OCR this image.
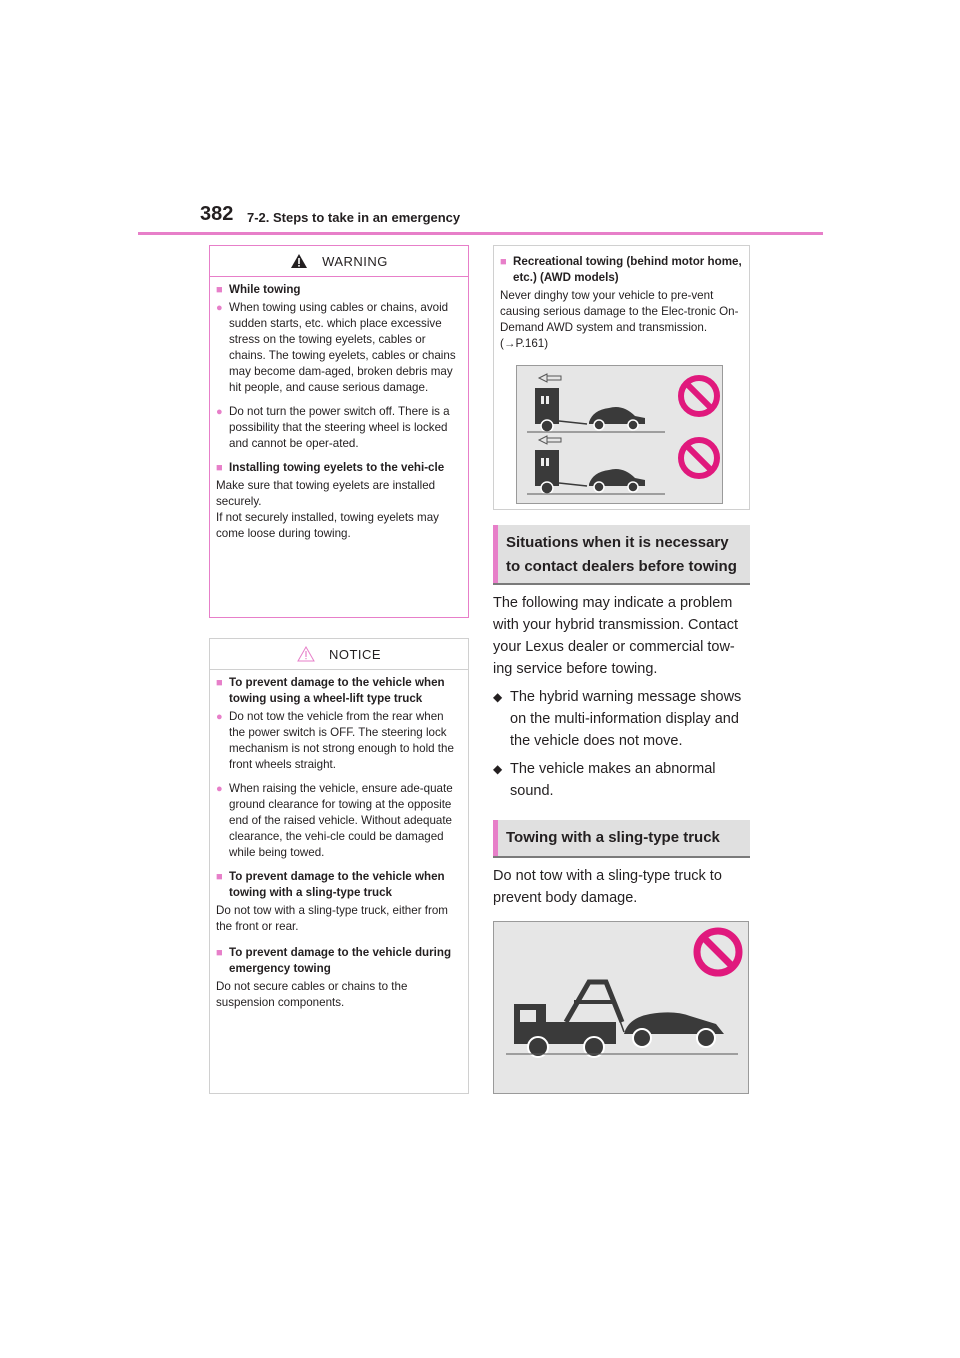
382 7-2. Steps to take in an emergency
WARNING
■ While towing
● When towing using cables or chains, avoid sudden starts, etc. which place excessive stress on the towing eyelets, cables or chains. The towing eyelets, cables or chains may become dam-aged, broken debris may hit people, and cause serious damage.
● Do not turn the power switch off. There is a possibility that the steering wheel is locked and cannot be oper-ated.
■ Installing towing eyelets to the vehi-cle
Make sure that towing eyelets are installed securely.
If not securely installed, towing eyelets may come loose during towing.
NOTICE
■ To prevent damage to the vehicle when towing using a wheel-lift type truck
● Do not tow the vehicle from the rear when the power switch is OFF. The steering lock mechanism is not strong enough to hold the front wheels straight.
● When raising the vehicle, ensure ade-quate ground clearance for towing at the opposite end of the raised vehicle. Without adequate clearance, the vehi-cle could be damaged while being towed.
■ To prevent damage to the vehicle when towing with a sling-type truck
Do not tow with a sling-type truck, either from the front or rear.
■ To prevent damage to the vehicle during emergency towing
Do not secure cables or chains to the suspension components.
■ Recreational towing (behind motor home, etc.) (AWD models)
Never dinghy tow your vehicle to pre-vent causing serious damage to the Elec-tronic On-Demand AWD system and transmission. (→P.161)
Situations when it is necessary to contact dealers before towing
The following may indicate a problem with your hybrid transmission. Contact your Lexus dealer or commercial tow-ing service before towing.
◆ The hybrid warning message shows on the multi-information display and the vehicle does not move.
◆ The vehicle makes an abnormal sound.
Towing with a sling-type truck
Do not tow with a sling-type truck to prevent body damage.
